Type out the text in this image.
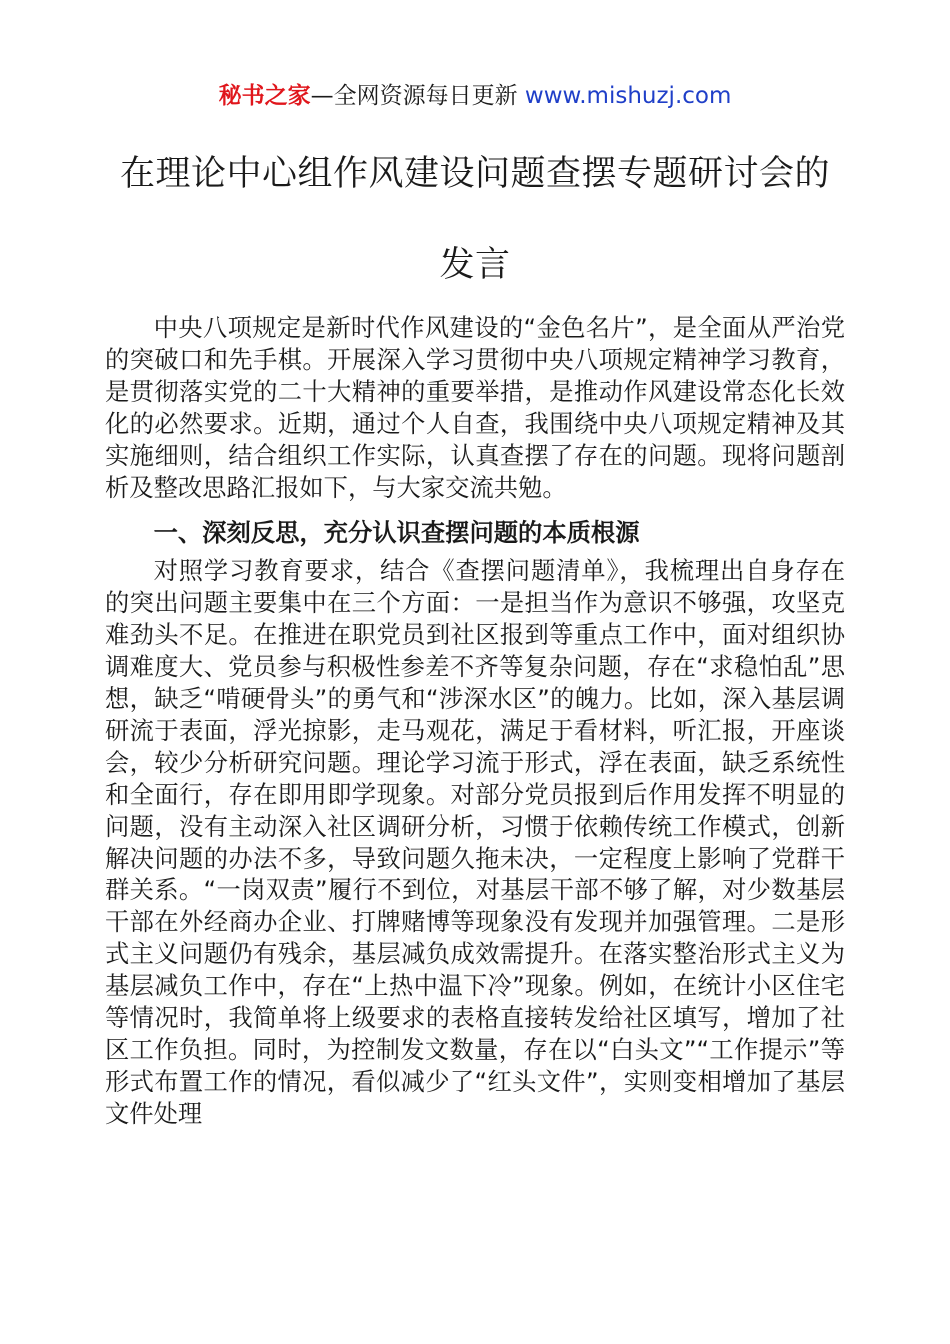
秘书之家—全网资源每日更新 www.mishuzj.com
在理论中心组作风建设问题查摆专题研讨会的
发言

中央八项规定是新时代作风建设的“金色名片”，是全面从严治党的突破口和先手棋。开展深入学习贯彻中央八项规定精神学习教育，是贯彻落实党的二十大精神的重要举措，是推动作风建设常态化长效化的必然要求。近期，通过个人自查，我围绕中央八项规定精神及其实施细则，结合组织工作实际，认真查摆了存在的问题。现将问题剖析及整改思路汇报如下，与大家交流共勉。

一、深刻反思，充分认识查摆问题的本质根源

对照学习教育要求，结合《查摆问题清单》，我梳理出自身存在的突出问题主要集中在三个方面：一是担当作为意识不够强，攻坚克难劲头不足。在推进在职党员到社区报到等重点工作中，面对组织协调难度大、党员参与积极性参差不齐等复杂问题，存在“求稳怕乱”思想，缺乏“啃硬骨头”的勇气和“涉深水区”的魄力。比如，深入基层调研流于表面，浮光掠影，走马观花，满足于看材料，听汇报，开座谈会，较少分析研究问题。理论学习流于形式，浮在表面，缺乏系统性和全面行，存在即用即学现象。对部分党员报到后作用发挥不明显的问题，没有主动深入社区调研分析，习惯于依赖传统工作模式，创新解决问题的办法不多，导致问题久拖未决，一定程度上影响了党群干群关系。“一岗双责”履行不到位，对基层干部不够了解，对少数基层干部在外经商办企业、打牌赌博等现象没有发现并加强管理。二是形式主义问题仍有残余，基层减负成效需提升。在落实整治形式主义为基层减负工作中，存在“上热中温下冷”现象。例如，在统计小区住宅等情况时，我简单将上级要求的表格直接转发给社区填写，增加了社区工作负担。同时，为控制发文数量，存在以“白头文”“工作提示”等形式布置工作的情况，看似减少了“红头文件”，实则变相增加了基层文件处理
